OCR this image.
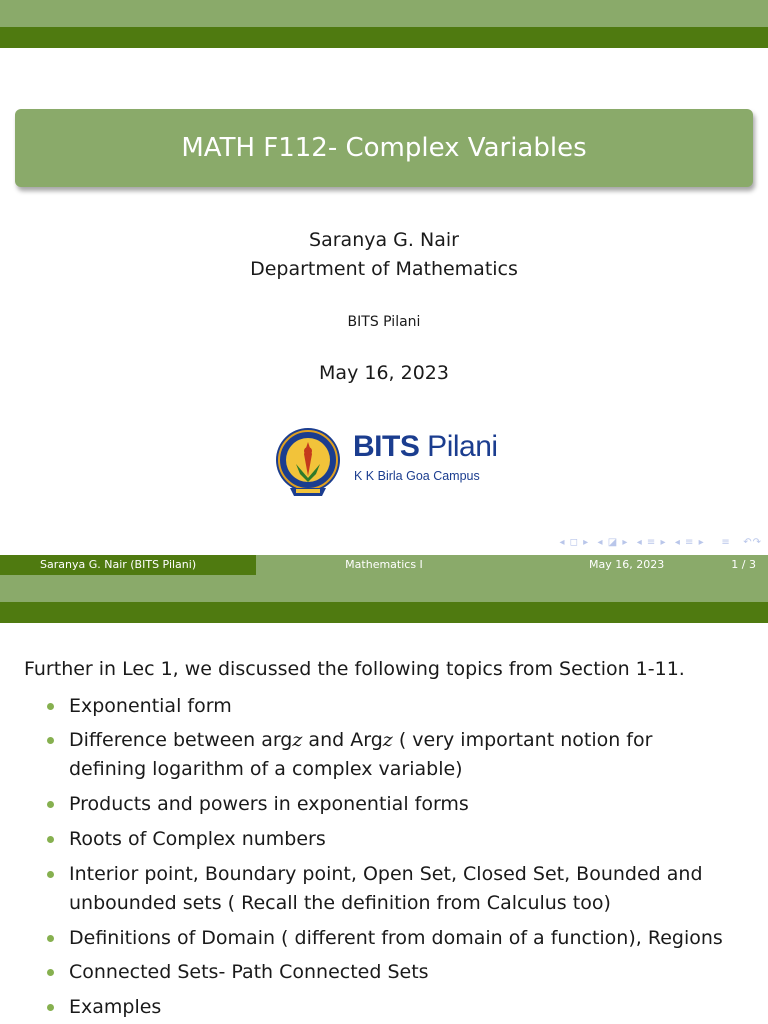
MATH F112- Complex Variables
Saranya G. Nair
Department of Mathematics
BITS Pilani
May 16, 2023
BITS Pilani
K K Birla Goa Campus
◂ ◻ ▸  ◂ ◪ ▸  ◂ ≡ ▸  ◂ ≡ ▸    ≡   ↶↷
Saranya G. Nair (BITS Pilani)	Mathematics I	May 16, 2023	1 / 3
Further in Lec 1, we discussed the following topics from Section 1-11.
Exponential form
Difference between argz and Argz ( very important notion for
defining logarithm of a complex variable)
Products and powers in exponential forms
Roots of Complex numbers
Interior point, Boundary point, Open Set, Closed Set, Bounded and
unbounded sets ( Recall the definition from Calculus too)
Definitions of Domain ( different from domain of a function), Regions
Connected Sets- Path Connected Sets
Examples
